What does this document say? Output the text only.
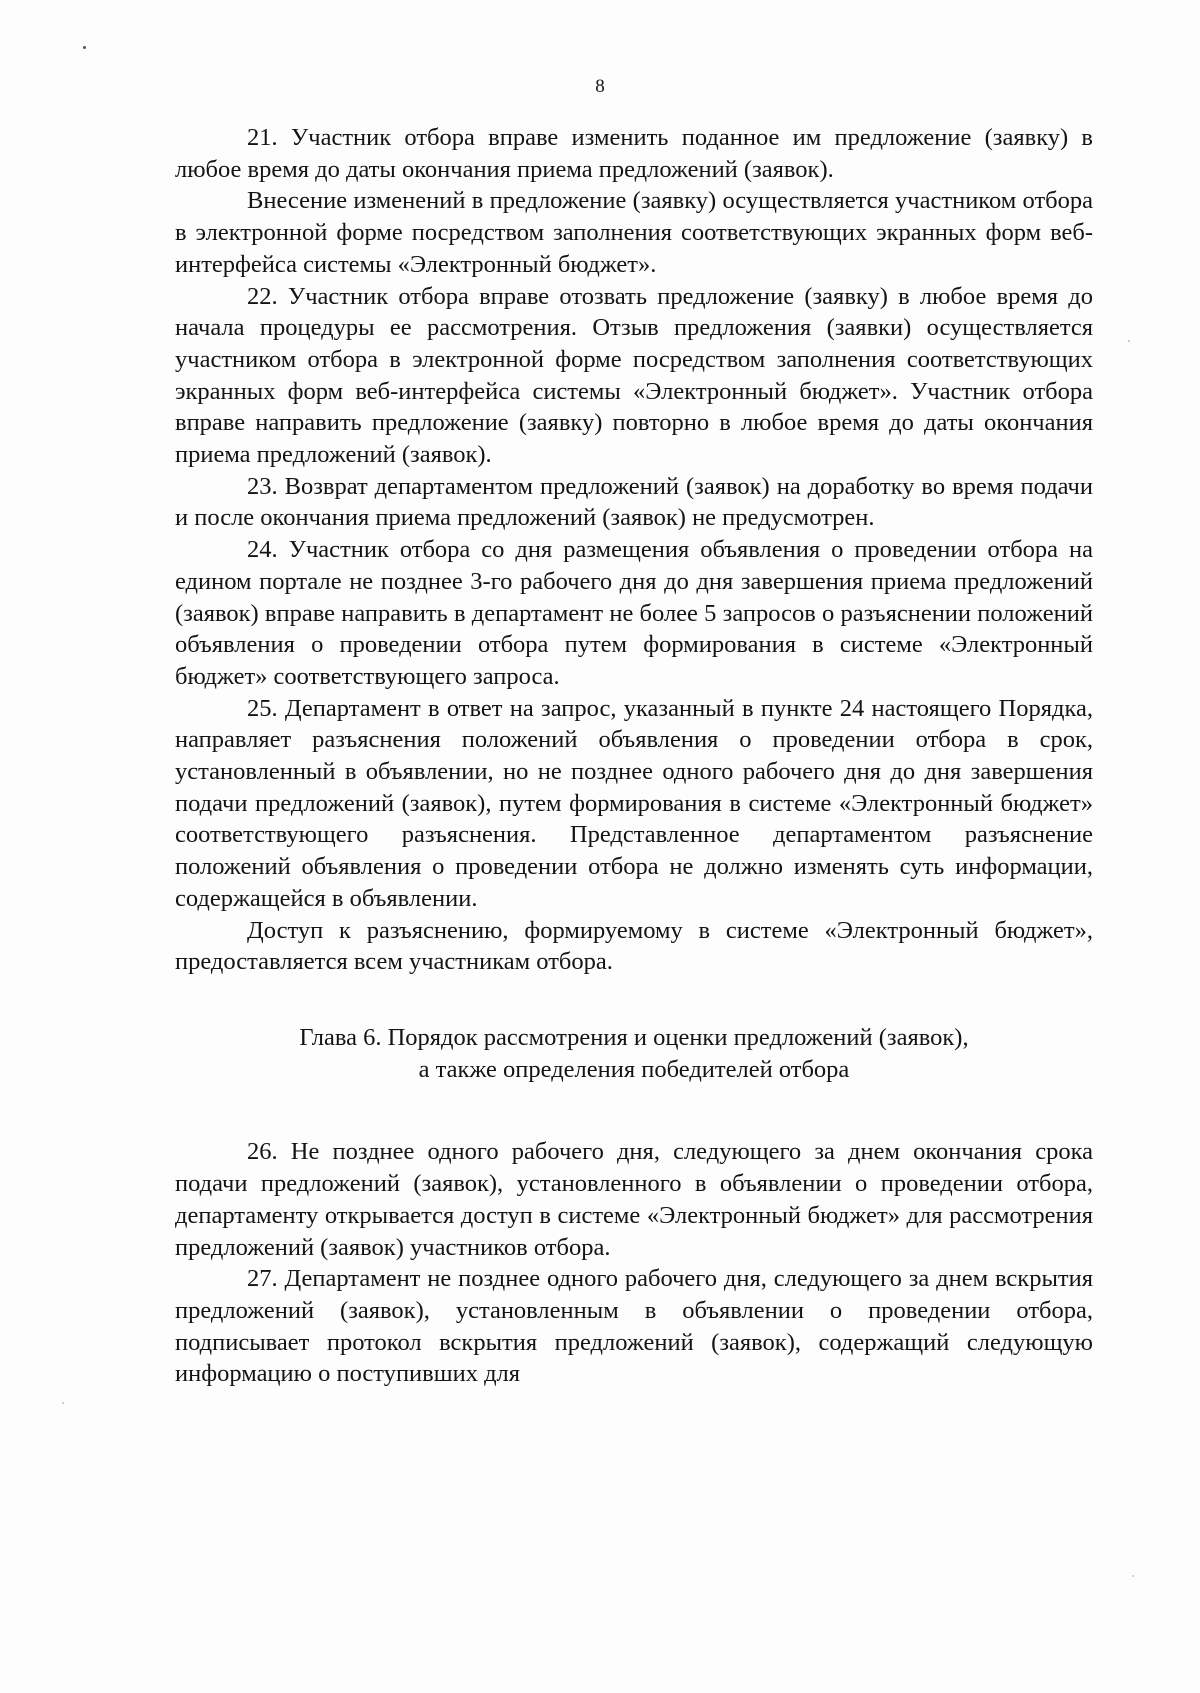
8

21. Участник отбора вправе изменить поданное им предложение (заявку) в любое время до даты окончания приема предложений (заявок).

Внесение изменений в предложение (заявку) осуществляется участником отбора в электронной форме посредством заполнения соответствующих экранных форм веб-интерфейса системы «Электронный бюджет».

22. Участник отбора вправе отозвать предложение (заявку) в любое время до начала процедуры ее рассмотрения. Отзыв предложения (заявки) осуществляется участником отбора в электронной форме посредством заполнения соответствующих экранных форм веб-интерфейса системы «Электронный бюджет». Участник отбора вправе направить предложение (заявку) повторно в любое время до даты окончания приема предложений (заявок).

23. Возврат департаментом предложений (заявок) на доработку во время подачи и после окончания приема предложений (заявок) не предусмотрен.

24. Участник отбора со дня размещения объявления о проведении отбора на едином портале не позднее 3-го рабочего дня до дня завершения приема предложений (заявок) вправе направить в департамент не более 5 запросов о разъяснении положений объявления о проведении отбора путем формирования в системе «Электронный бюджет» соответствующего запроса.

25. Департамент в ответ на запрос, указанный в пункте 24 настоящего Порядка, направляет разъяснения положений объявления о проведении отбора в срок, установленный в объявлении, но не позднее одного рабочего дня до дня завершения подачи предложений (заявок), путем формирования в системе «Электронный бюджет» соответствующего разъяснения. Представленное департаментом разъяснение положений объявления о проведении отбора не должно изменять суть информации, содержащейся в объявлении.

Доступ к разъяснению, формируемому в системе «Электронный бюджет», предоставляется всем участникам отбора.

Глава 6. Порядок рассмотрения и оценки предложений (заявок),
а также определения победителей отбора

26. Не позднее одного рабочего дня, следующего за днем окончания срока подачи предложений (заявок), установленного в объявлении о проведении отбора, департаменту открывается доступ в системе «Электронный бюджет» для рассмотрения предложений (заявок) участников отбора.

27. Департамент не позднее одного рабочего дня, следующего за днем вскрытия предложений (заявок), установленным в объявлении о проведении отбора, подписывает протокол вскрытия предложений (заявок), содержащий следующую информацию о поступивших для
